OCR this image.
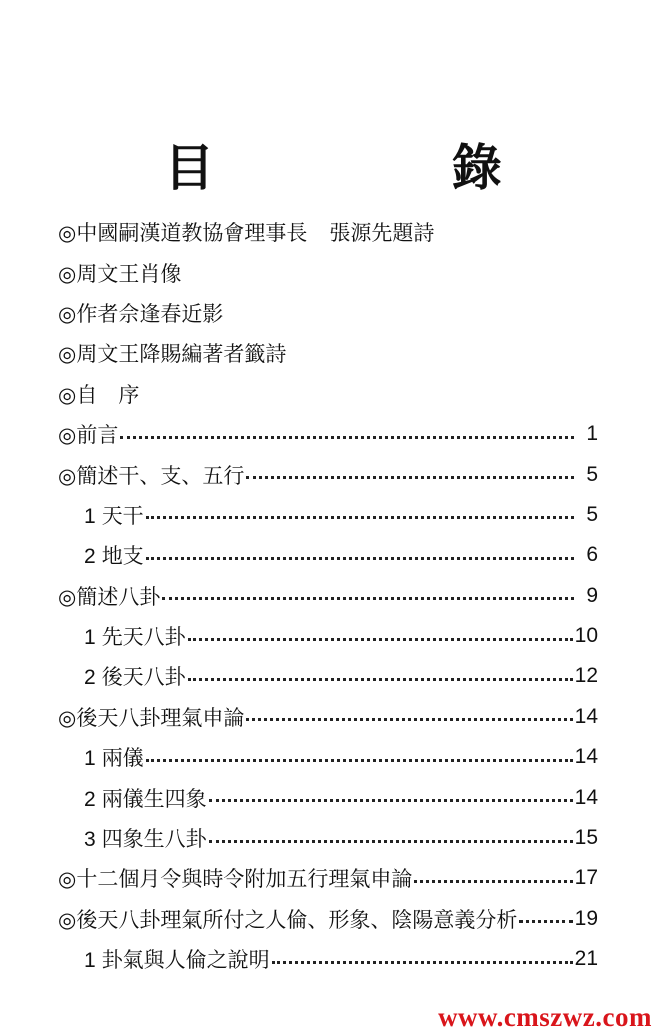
目 錄
◎中國嗣漢道教協會理事長 張源先題詩
◎周文王肖像
◎作者佘逢春近影
◎周文王降賜編著者籤詩
◎自　序
◎前言	1
◎簡述干、支、五行	5
1 天干	5
2 地支	6
◎簡述八卦	9
1 先天八卦	10
2 後天八卦	12
◎後天八卦理氣申論	14
1 兩儀	14
2 兩儀生四象	14
3 四象生八卦	15
◎十二個月令與時令附加五行理氣申論	17
◎後天八卦理氣所付之人倫、形象、陰陽意義分析	19
1 卦氣與人倫之說明	21
www.cmszwz.com
